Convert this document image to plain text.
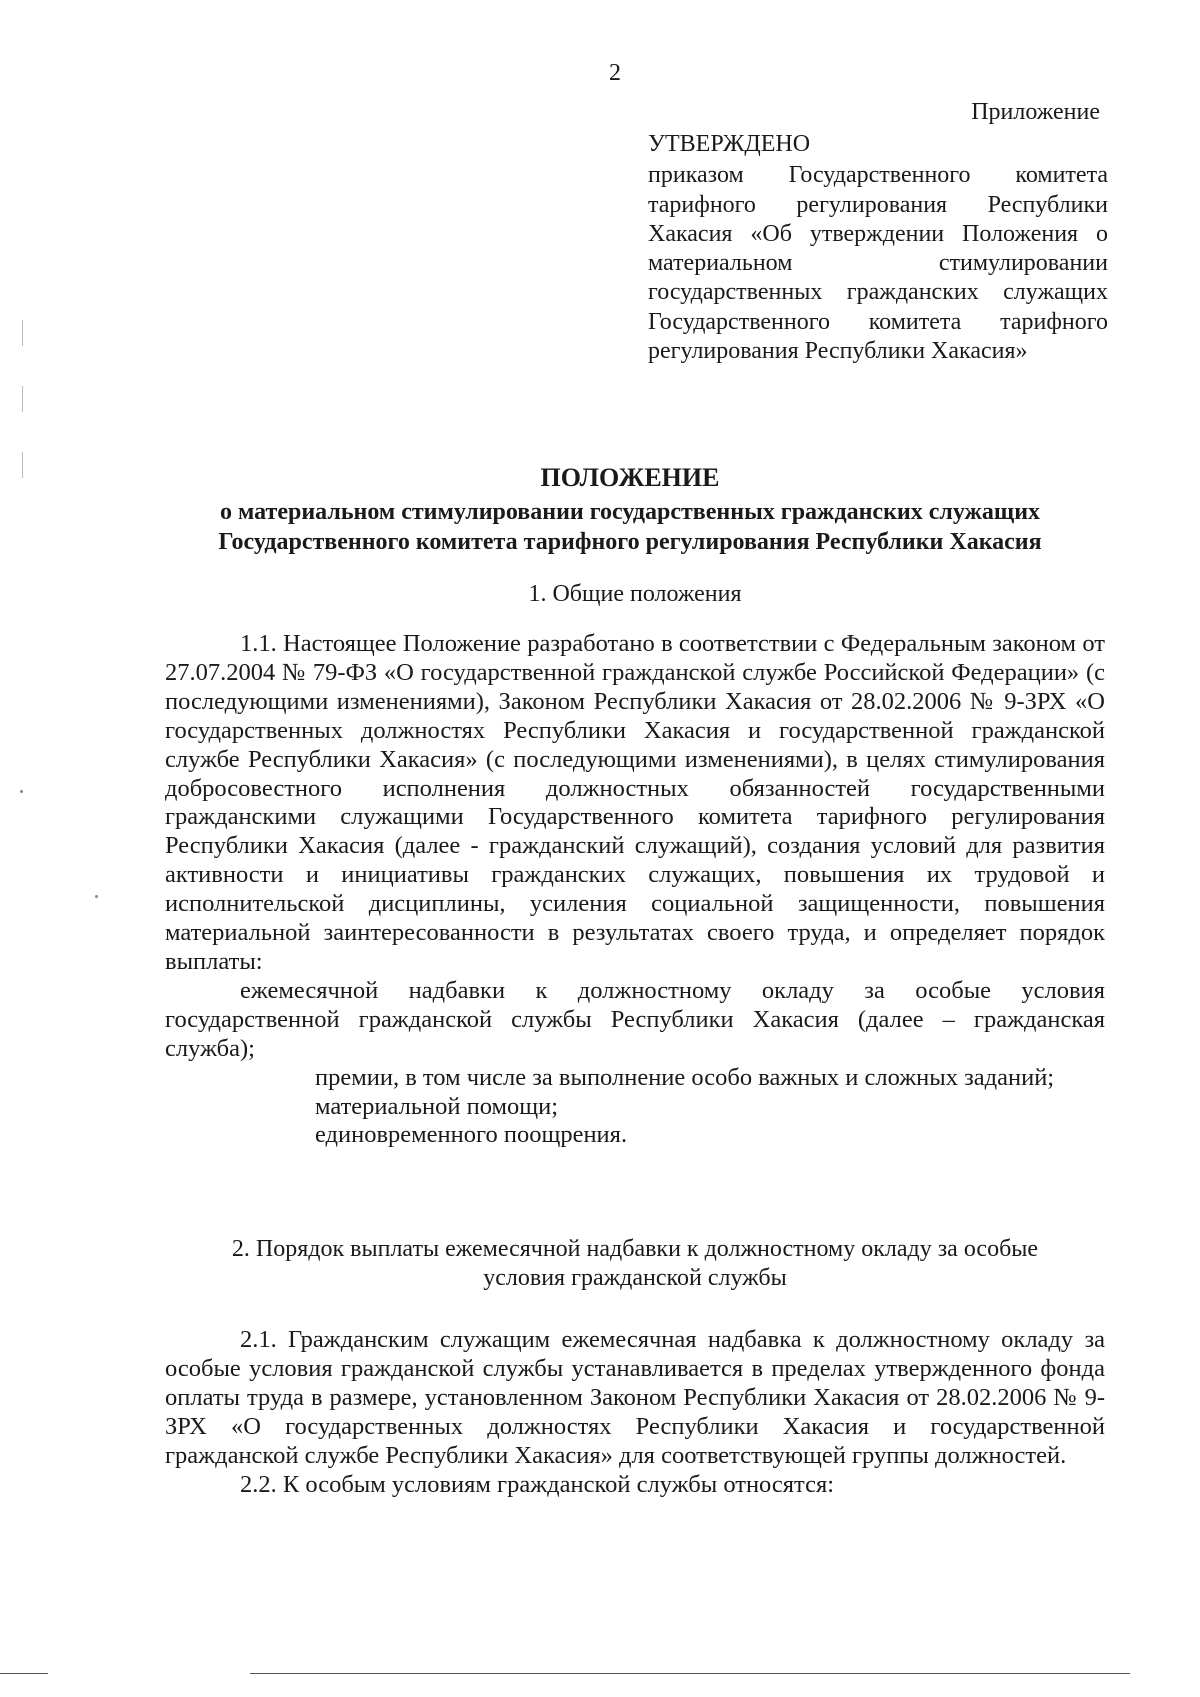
2
Приложение
УТВЕРЖДЕНО

приказом Государственного комитета тарифного регулирования Республики Хакасия «Об утверждении Положения о материальном стимулировании государственных гражданских служащих Государственного комитета тарифного регулирования Республики Хакасия»

ПОЛОЖЕНИЕ
о материальном стимулировании государственных гражданских служащих
Государственного комитета тарифного регулирования Республики Хакасия
1. Общие положения

1.1. Настоящее Положение разработано в соответствии с Федеральным законом от 27.07.2004 № 79-ФЗ «О государственной гражданской службе Российской Федерации» (с последующими изменениями), Законом Республики Хакасия от 28.02.2006 № 9-ЗРХ «О государственных должностях Республики Хакасия и государственной гражданской службе Республики Хакасия» (с последующими изменениями), в целях стимулирования добросовестного исполнения должностных обязанностей государственными гражданскими служащими Государственного комитета тарифного регулирования Республики Хакасия (далее - гражданский служащий), создания условий для развития активности и инициативы гражданских служащих, повышения их трудовой и исполнительской дисциплины, усиления социальной защищенности, повышения материальной заинтересованности в результатах своего труда, и определяет порядок выплаты:

ежемесячной надбавки к должностному окладу за особые условия государственной гражданской службы Республики Хакасия (далее – гражданская служба);

премии, в том числе за выполнение особо важных и сложных заданий;

материальной помощи;

единовременного поощрения.

2. Порядок выплаты ежемесячной надбавки к должностному окладу за особые
условия гражданской службы

2.1. Гражданским служащим ежемесячная надбавка к должностному окладу за особые условия гражданской службы устанавливается в пределах утвержденного фонда оплаты труда в размере, установленном Законом Республики Хакасия от 28.02.2006 № 9-ЗРХ «О государственных должностях Республики Хакасия и государственной гражданской службе Республики Хакасия» для соответствующей группы должностей.

2.2. К особым условиям гражданской службы относятся:
